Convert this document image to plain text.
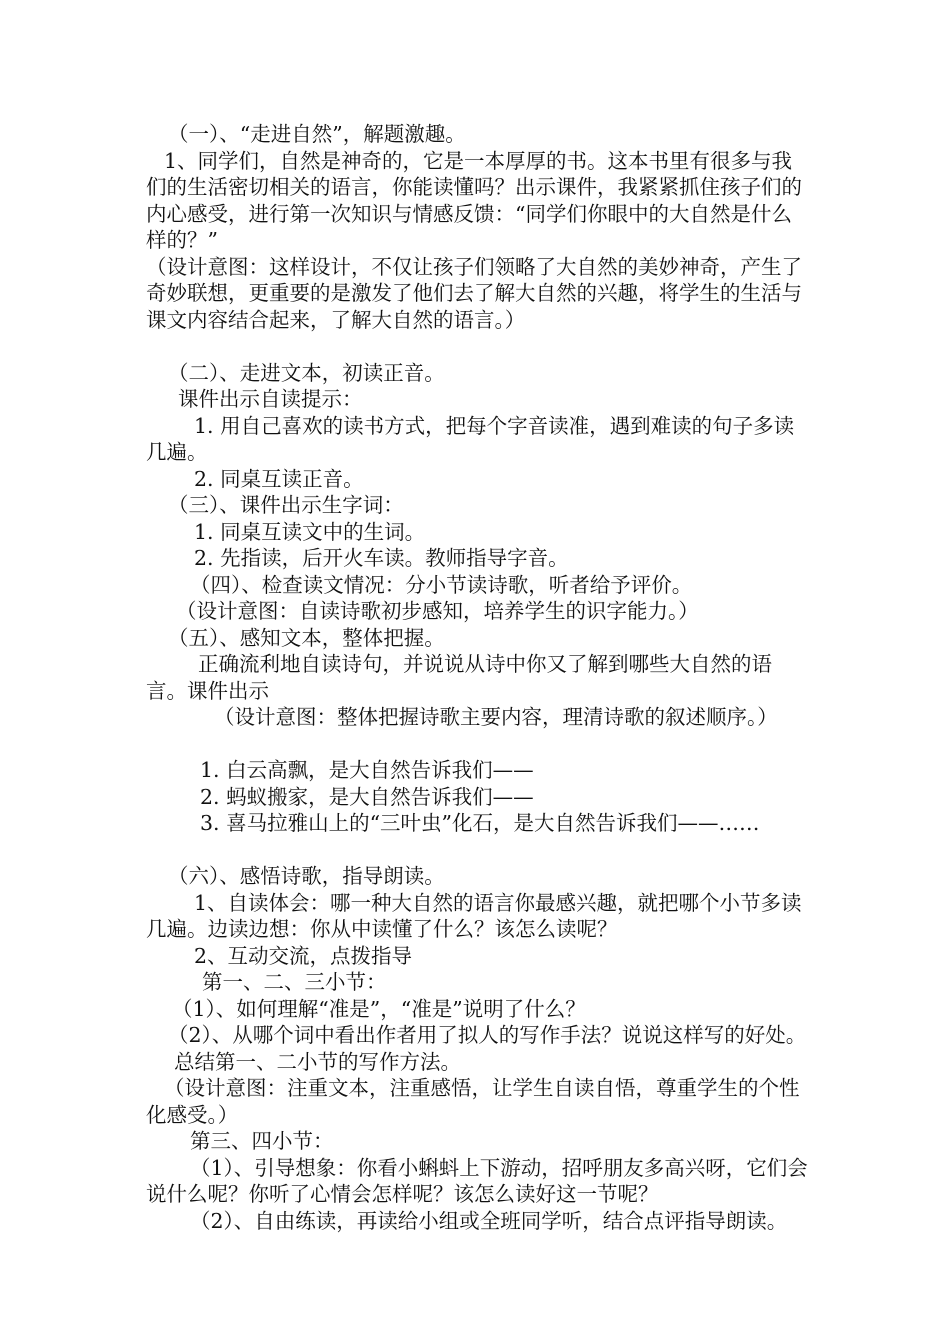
（一）、“走进自然”，解题激趣。

1、同学们，自然是神奇的，它是一本厚厚的书。这本书里有很多与我们的生活密切相关的语言，你能读懂吗？出示课件，我紧紧抓住孩子们的内心感受，进行第一次知识与情感反馈：“同学们你眼中的大自然是什么样的？”

（设计意图：这样设计，不仅让孩子们领略了大自然的美妙神奇，产生了奇妙联想，更重要的是激发了他们去了解大自然的兴趣，将学生的生活与课文内容结合起来，了解大自然的语言。）

（二）、走进文本，初读正音。

课件出示自读提示：

1. 用自己喜欢的读书方式，把每个字音读准，遇到难读的句子多读几遍。

2. 同桌互读正音。

（三）、课件出示生字词：

1. 同桌互读文中的生词。

2. 先指读，后开火车读。教师指导字音。

（四）、检查读文情况：分小节读诗歌，听者给予评价。

（设计意图：自读诗歌初步感知，培养学生的识字能力。）

（五）、感知文本，整体把握。

正确流利地自读诗句，并说说从诗中你又了解到哪些大自然的语言。课件出示

（设计意图：整体把握诗歌主要内容，理清诗歌的叙述顺序。）

1. 白云高飘，是大自然告诉我们——

2. 蚂蚁搬家，是大自然告诉我们——

3. 喜马拉雅山上的“三叶虫”化石，是大自然告诉我们——……

（六）、感悟诗歌，指导朗读。

1、自读体会：哪一种大自然的语言你最感兴趣，就把哪个小节多读几遍。边读边想：你从中读懂了什么？该怎么读呢？

2、互动交流，点拨指导

第一、二、三小节：

（1）、如何理解“准是”，“准是”说明了什么？

（2）、从哪个词中看出作者用了拟人的写作手法？说说这样写的好处。

总结第一、二小节的写作方法。

（设计意图：注重文本，注重感悟，让学生自读自悟，尊重学生的个性化感受。）

第三、四小节：

（1）、引导想象：你看小蝌蚪上下游动，招呼朋友多高兴呀，它们会说什么呢？你听了心情会怎样呢？该怎么读好这一节呢？

（2）、自由练读，再读给小组或全班同学听，结合点评指导朗读。
